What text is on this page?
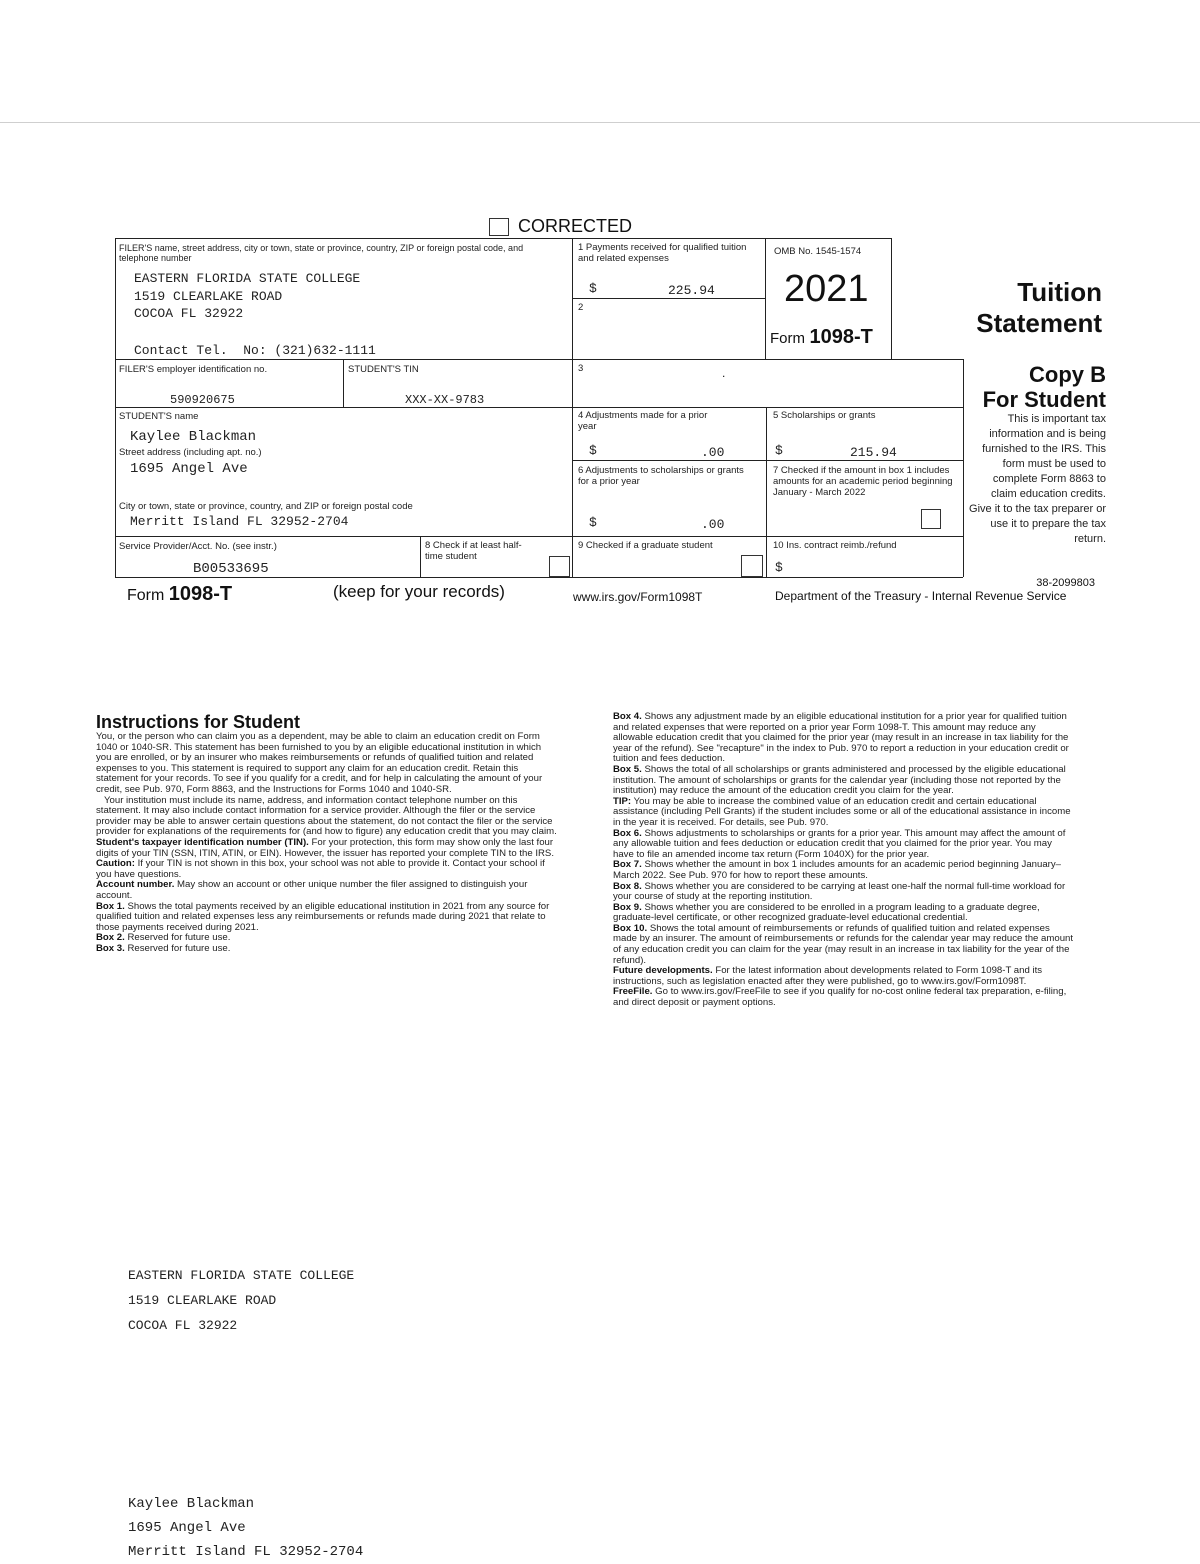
CORRECTED
FILER'S name, street address, city or town, state or province, country, ZIP or foreign postal code, and telephone number
EASTERN FLORIDA STATE COLLEGE
1519 CLEARLAKE ROAD
COCOA FL 32922
Contact Tel.  No: (321)632-1111
1 Payments received for qualified tuition and related expenses
$	225.94
2
OMB No. 1545-1574
2021
Form 1098-T
Tuition
Statement
FILER'S employer identification no.
590920675
STUDENT'S TIN
XXX-XX-9783
3	.	Copy B
For Student
This is important tax information and is being furnished to the IRS. This form must be used to complete Form 8863 to claim education credits. Give it to the tax preparer or use it to prepare the tax return.
STUDENT'S name
Kaylee Blackman
Street address (including apt. no.)
1695 Angel Ave
City or town, state or province, country, and ZIP or foreign postal code
Merritt Island FL 32952-2704
4 Adjustments made for a prior year
$	.00
5 Scholarships or grants
$	215.94
6 Adjustments to scholarships or grants for a prior year
$	.00
7 Checked if the amount in box 1 includes amounts for an academic period beginning January - March 2022
Service Provider/Acct. No. (see instr.)
B00533695
8 Check if at least half-time student
9 Checked if a graduate student	10 Ins. contract reimb./refund
$
Form 1098-T	(keep for your records)	www.irs.gov/Form1098T
38-2099803
Department of the Treasury - Internal Revenue Service
Instructions for Student

You, or the person who can claim you as a dependent, may be able to claim an education credit on Form 1040 or 1040-SR. This statement has been furnished to you by an eligible educational institution in which you are enrolled, or by an insurer who makes reimbursements or refunds of qualified tuition and related expenses to you. This statement is required to support any claim for an education credit. Retain this statement for your records. To see if you qualify for a credit, and for help in calculating the amount of your credit, see Pub. 970, Form 8863, and the Instructions for Forms 1040 and 1040-SR.

Your institution must include its name, address, and information contact telephone number on this statement. It may also include contact information for a service provider. Although the filer or the service provider may be able to answer certain questions about the statement, do not contact the filer or the service provider for explanations of the requirements for (and how to figure) any education credit that you may claim.

Student's taxpayer identification number (TIN). For your protection, this form may show only the last four digits of your TIN (SSN, ITIN, ATIN, or EIN). However, the issuer has reported your complete TIN to the IRS. Caution: If your TIN is not shown in this box, your school was not able to provide it. Contact your school if you have questions.

Account number. May show an account or other unique number the filer assigned to distinguish your account.

Box 1. Shows the total payments received by an eligible educational institution in 2021 from any source for qualified tuition and related expenses less any reimbursements or refunds made during 2021 that relate to those payments received during 2021.

Box 2. Reserved for future use.

Box 3. Reserved for future use.

Box 4. Shows any adjustment made by an eligible educational institution for a prior year for qualified tuition and related expenses that were reported on a prior year Form 1098-T. This amount may reduce any allowable education credit that you claimed for the prior year (may result in an increase in tax liability for the year of the refund). See "recapture" in the index to Pub. 970 to report a reduction in your education credit or tuition and fees deduction.

Box 5. Shows the total of all scholarships or grants administered and processed by the eligible educational institution. The amount of scholarships or grants for the calendar year (including those not reported by the institution) may reduce the amount of the education credit you claim for the year.

TIP: You may be able to increase the combined value of an education credit and certain educational assistance (including Pell Grants) if the student includes some or all of the educational assistance in income in the year it is received. For details, see Pub. 970.

Box 6. Shows adjustments to scholarships or grants for a prior year. This amount may affect the amount of any allowable tuition and fees deduction or education credit that you claimed for the prior year. You may have to file an amended income tax return (Form 1040X) for the prior year.

Box 7. Shows whether the amount in box 1 includes amounts for an academic period beginning January–March 2022. See Pub. 970 for how to report these amounts.

Box 8. Shows whether you are considered to be carrying at least one-half the normal full-time workload for your course of study at the reporting institution.

Box 9. Shows whether you are considered to be enrolled in a program leading to a graduate degree, graduate-level certificate, or other recognized graduate-level educational credential.

Box 10. Shows the total amount of reimbursements or refunds of qualified tuition and related expenses made by an insurer. The amount of reimbursements or refunds for the calendar year may reduce the amount of any education credit you can claim for the year (may result in an increase in tax liability for the year of the refund).

Future developments. For the latest information about developments related to Form 1098-T and its instructions, such as legislation enacted after they were published, go to www.irs.gov/Form1098T.

FreeFile. Go to www.irs.gov/FreeFile to see if you qualify for no-cost online federal tax preparation, e-filing, and direct deposit or payment options.

EASTERN FLORIDA STATE COLLEGE
1519 CLEARLAKE ROAD
COCOA FL 32922
Kaylee Blackman
1695 Angel Ave
Merritt Island FL 32952-2704
